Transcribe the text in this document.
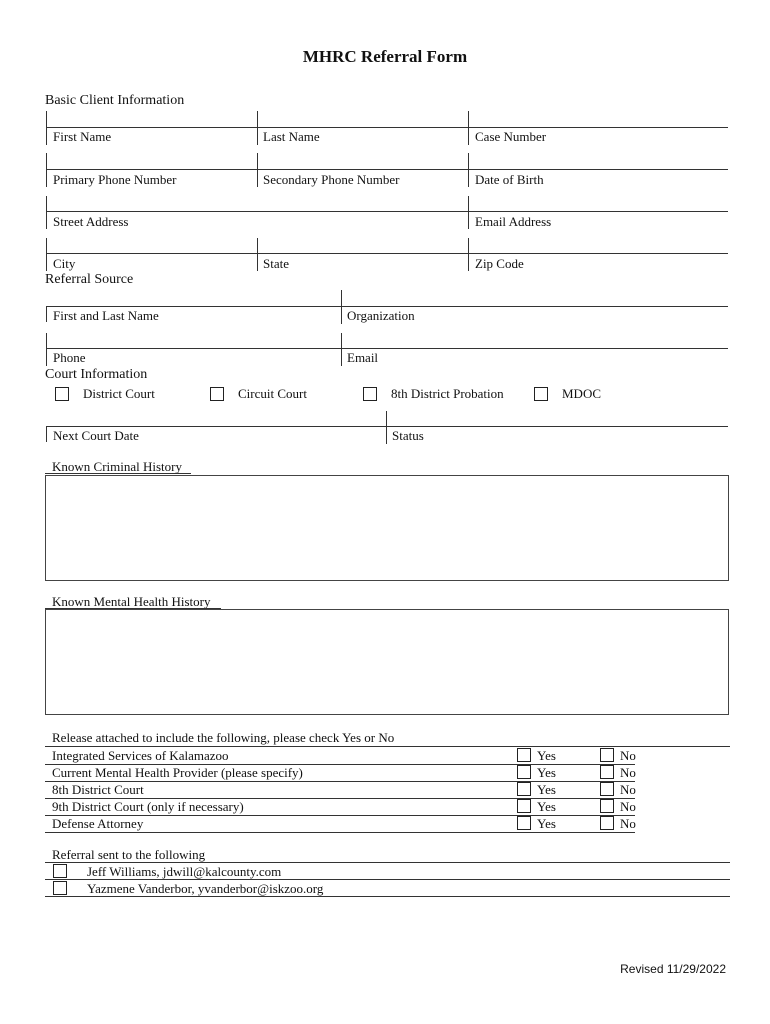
MHRC Referral Form
Basic Client Information
First Name	Last Name	Case Number
Primary Phone Number	Secondary Phone Number	Date of Birth
Street Address	Email Address
City	State	Zip Code
Referral Source
First and Last Name	Organization
Phone	Email
Court Information
District Court	Circuit Court	8th District Probation	MDOC
Next Court Date	Status
Known Criminal History
Known Mental Health History
Release attached to include the following, please check Yes or No
Integrated Services of Kalamazoo	Yes	No
Current Mental Health Provider (please specify)	Yes	No
8th District Court	Yes	No
9th District Court (only if necessary)	Yes	No
Defense Attorney	Yes	No
Referral sent to the following
Jeff Williams, jdwill@kalcounty.com
Yazmene Vanderbor, yvanderbor@iskzoo.org
Revised 11/29/2022
